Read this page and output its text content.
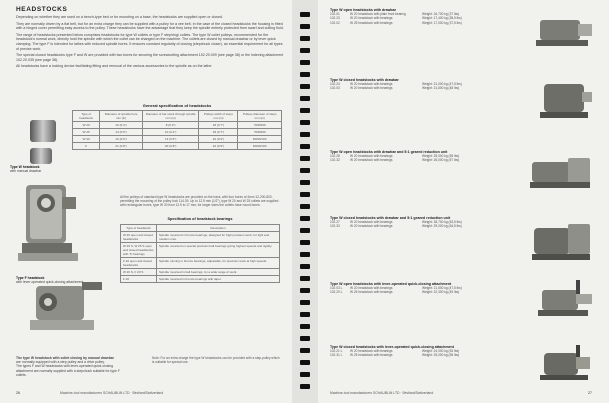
HEADSTOCKS

Depending on whether they are used on a bench-type bed or for mounting on a base, the headstocks are supplied open or closed.

They are normally driven by a flat belt, but for an extra charge they can be supplied with a pulley for a vee belt. In the case of the closed headstocks the housing is fitted with a hinged cover permitting easy access to the pulley. These headstocks have the advantage that they keep the spindle entirely protected from swarf and cutting fluid.

The range of headstocks presented below comprises headstocks for type W collets or type F step/ring/ collets. The type W collet pulleys, recommended for the headstock's normal work, directly hold the spindle with which the collet can be changed on the machine. The collets are closed by manual drawbar or by lever quick clamping. The type F is intended for lathes with reduced spindle bores. It ensures constant regularity of closing (stepchuck closer), an essential requirement for all types of precise work.

The special closed headstocks type F and W are provided with two bores for securing the screwcutting attachment 102.20.009 (see page 38) or the indexing attachment 102.20.035 (see page 38).

All headstocks have a locking device facilitating fitting and removal of the various accessories to the spindle as on the lathe.

General specification of headstocks
Type of headstock	Diameter of spindle bore mm (in)	Diameter of bar stock through spindle mm (in)	Pulleys width of steps mm (in)	Pulleys diameter of steps mm (in)
W 20	10 (0.4")	8 (0.3")	18 (0.7")	70/80/90
W 25	13 (0.5")	10 (0.4")	18 (0.7")	70/80/90
W 30	16 (0.6")	13 (0.5")	22 (0.9")	80/90/100
F	21 (0.8")	20 (0.8")	22 (0.9")	80/90/100
Type W headstock
with manual drawbar
Type F headstock
with lever-operated quick-closing attachment
All the pulleys of standard type W headstocks are provided on the back, with four bores of 4mm 12-200-800, permitting the mounting of the pulley lock 114.39. Up to 12.5 mm (1/2"), type W 20 and W 25 collets are supplied with rectangular bores, type W 30 from 12.5 to 17 mm; for larger sizes the collets have round bores.
Specification of headstock bearings
Type of headstock	Description
W 20 open and closed headstocks	Spindle mounted in bronze bearings, designed for high precision work, for light and medium cuts.
W 20 S, W 25 S open and closed headstocks with 'S' bearings	Spindle mounted on special precision ball bearings giving highest speeds and rigidity.
F 20 open and closed headstocks	Spindle running in bronze bearings, adjustable, for precision work at high speeds.
W 20 S, F 20 S	Spindle mounted in ball bearings, for a wide range of work.
F 20	Spindle mounted in bronze bearings with taper.
The type W headstock with collet closing by manual drawbar
are normally equipped with a step pulley and a drive pulley.
The types F and W headstocks with lever-operated quick-closing attachment are normally supplied with a stepchuck suitable for type F collets.
Note: For an extra charge the type W headstocks can be provided with a step-pulley which is suitable for special use.
26	Machine-tool manufacturers SCHAUBLIN LTD · Bévilard/Switzerland
Type W open headstocks with drawbar
102.01	W 20 headstock with plain front bearing	Weight: 16,700 kg (37 lbs)
102.23	W 20 headstock with bearings	Weight: 17,400 kg (38,5 lbs)
102.02	W 25 headstock with bearings	Weight: 17,000 kg (37,5 lbs)
Type W closed headstocks with drawbar
102.24	W 20 headstock with bearings	Weight: 21,000 kg (47,5 lbs)
102.03	W 20 headstock with bearings	Weight: 21,600 kg (48 lbs)
Type W open headstocks with drawbar and 5:1 geared reduction unit
102.28	W 20 headstock with bearings	Weight: 25,000 kg (55 lbs)
102.32	W 20 headstock with bearings	Weight: 26,000 kg (57 lbs)
Type W closed headstocks with drawbar and 5:1 geared reduction unit
102.27	W 20 headstock with bearings	Weight: 28,700 kg (63,5 lbs)
102.33	W 20 headstock with bearings	Weight: 29,000 kg (64,5 lbs)
Type W open headstocks with lever-operated quick-closing attachment
102.03 L	W 20 headstock with bearings	Weight: 21,500 kg (47,5 lbs)
102.20 L	W 25 headstock with bearings	Weight: 22,300 kg (49 lbs)
Type W closed headstocks with lever-operated quick-closing attachment
102.21 L	W 20 headstock with bearings	Weight: 24,000 kg (53 lbs)
102.31 L	W 25 headstock with bearings	Weight: 25,000 kg (55 lbs)
Machine-tool manufacturers SCHAUBLIN LTD · Bévilard/Switzerland	27
